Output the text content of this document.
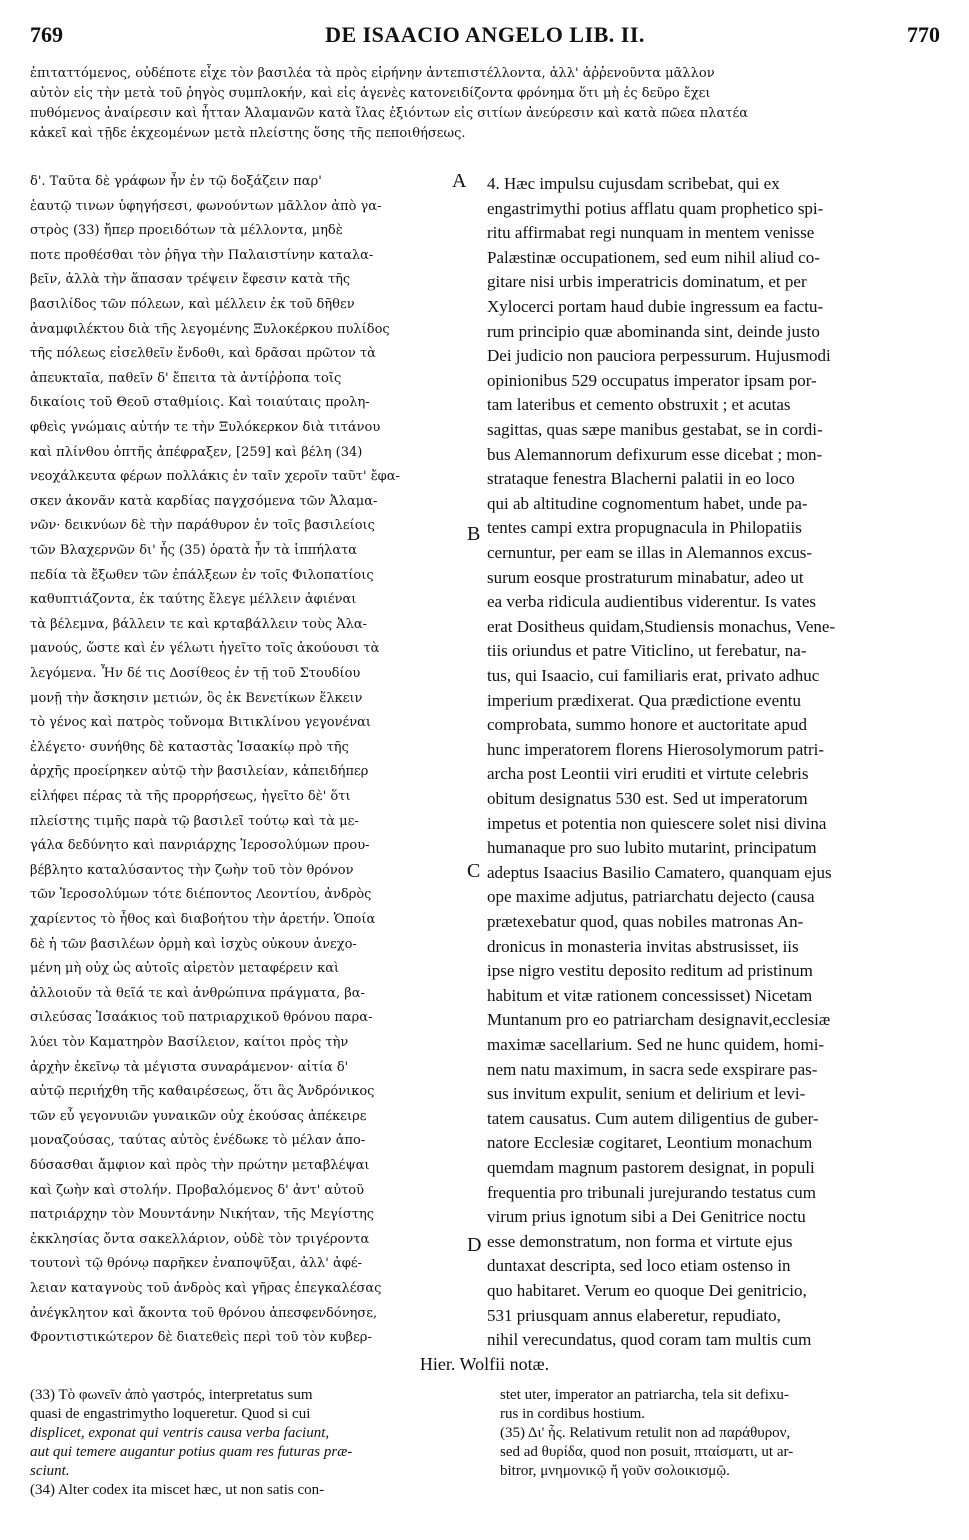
769	DE ISAACIO ANGELO LIB. II.	770
ἐπιταττόμενος, οὐδέποτε εἶχε τὸν βασιλέα τὰ πρὸς εἰρήνην ἀντεπιστέλλοντα, ἀλλ' ἀῤῥενοῦντα μᾶλλον
αὐτὸν εἰς τὴν μετὰ τοῦ ῥηγὸς συμπλοκήν, καὶ εἰς ἀγενὲς κατονειδίζοντα φρόνημα ὅτι μὴ ἐς δεῦρο ἔχει
πυθόμενος ἀναίρεσιν καὶ ἧτταν Ἀλαμανῶν κατὰ ἴλας ἐξιόντων εἰς σιτίων ἀνεύρεσιν καὶ κατὰ πῶεα πλατέα
κἀκεῖ καὶ τῇδε ἐκχεομένων μετὰ πλείστης ὅσης τῆς πεποιθήσεως.
δ'. Ταῦτα δὲ γράφων ἦν ἐν τῷ δοξάζειν παρ'
ἑαυτῷ τινων ὑφηγήσεσι, φωνούντων μᾶλλον ἀπὸ γα-
στρὸς (33) ἤπερ προειδότων τὰ μέλλοντα, μηδὲ
ποτε προθέσθαι τὸν ῥῆγα τὴν Παλαιστίνην καταλα-
βεῖν, ἀλλὰ τὴν ἅπασαν τρέψειν ἔφεσιν κατὰ τῆς
βασιλίδος τῶν πόλεων, καὶ μέλλειν ἐκ τοῦ δῆθεν
ἀναμφιλέκτου διὰ τῆς λεγομένης Ξυλοκέρκου πυλίδος
τῆς πόλεως εἰσελθεῖν ἔνδοθι, καὶ δρᾶσαι πρῶτον τὰ
ἀπευκταῖα, παθεῖν δ' ἔπειτα τὰ ἀντίῤῥοπα τοῖς
δικαίοις τοῦ Θεοῦ σταθμίοις. Καὶ τοιαύταις προλη-
φθεὶς γνώμαις αὐτήν τε τὴν Ξυλόκερκον διὰ τιτάνου
καὶ πλίνθου ὀπτῆς ἀπέφραξεν, [259] καὶ βέλη (34)
νεοχάλκευτα φέρων πολλάκις ἐν ταῖν χεροῖν ταῦτ' ἔφα-
σκεν ἀκονᾶν κατὰ καρδίας παγχσόμενα τῶν Ἀλαμα-
νῶν· δεικνύων δὲ τὴν παράθυρον ἐν τοῖς βασιλείοις
τῶν Βλαχερνῶν δι' ἧς (35) ὁρατὰ ἦν τὰ ἱππήλατα
πεδία τὰ ἔξωθεν τῶν ἐπάλξεων ἐν τοῖς Φιλοπατίοις
καθυπτιάζοντα, ἐκ ταύτης ἔλεγε μέλλειν ἀφιέναι
τὰ βέλεμνα, βάλλειν τε καὶ κρταβάλλειν τοὺς Ἀλα-
μανούς, ὥστε καὶ ἐν γέλωτι ἡγεῖτο τοῖς ἀκούουσι τὰ
λεγόμενα. Ἦν δέ τις Δοσίθεος ἐν τῇ τοῦ Στουδίου
μονῇ τὴν ἄσκησιν μετιών, ὃς ἐκ Βενετίκων ἕλκειν
τὸ γένος καὶ πατρὸς τοὔνομα Βιτικλίνου γεγονέναι
ἐλέγετο· συνήθης δὲ καταστὰς Ἰσαακίῳ πρὸ τῆς
ἀρχῆς προείρηκεν αὐτῷ τὴν βασιλείαν, κἀπειδήπερ
εἰλήφει πέρας τὰ τῆς προρρήσεως, ἡγεῖτο δὲ' ὅτι
πλείστης τιμῆς παρὰ τῷ βασιλεῖ τούτῳ καὶ τὰ με-
γάλα δεδύνητο καὶ πανριάρχης Ἱεροσολύμων πρου-
βέβλητο καταλύσαντος τὴν ζωὴν τοῦ τὸν θρόνον
τῶν Ἱεροσολύμων τότε διέποντος Λεοντίου, ἀνδρὸς
χαρίεντος τὸ ἦθος καὶ διαβοήτου τὴν ἀρετήν. Ὁποία
δὲ ἡ τῶν βασιλέων ὁρμὴ καὶ ἰσχὺς οὐκουν ἀνεχο-
μένη μὴ οὐχ ὡς αὐτοῖς αἱρετὸν μεταφέρειν καὶ
ἀλλοιοῦν τὰ θεῖά τε καὶ ἀνθρώπινα πράγματα, βα-
σιλεύσας Ἰσαάκιος τοῦ πατριαρχικοῦ θρόνου παρα-
λύει τὸν Καματηρὸν Βασίλειον, καίτοι πρὸς τὴν
ἀρχὴν ἐκεῖνῳ τὰ μέγιστα συναράμενον· αἰτία δ'
αὐτῷ περιήχθη τῆς καθαιρέσεως, ὅτι ἃς Ἀνδρόνικος
τῶν εὖ γεγονυιῶν γυναικῶν οὐχ ἑκούσας ἀπέκειρε
μοναζούσας, ταύτας αὐτὸς ἐνέδωκε τὸ μέλαν ἀπο-
δύσασθαι ἄμφιον καὶ πρὸς τὴν πρώτην μεταβλέψαι
καὶ ζωὴν καὶ στολήν. Προβαλόμενος δ' ἀντ' αὐτοῦ
πατριάρχην τὸν Μουντάνην Νικήταν, τῆς Μεγίστης
ἐκκλησίας ὄντα σακελλάριον, οὐδὲ τὸν τριγέροντα
τουτονὶ τῷ θρόνῳ παρῆκεν ἐναποψῦξαι, ἀλλ' ἀφέ-
λειαν καταγνοὺς τοῦ ἀνδρὸς καὶ γῆρας ἐπεγκαλέσας
ἀνέγκλητον καὶ ἄκοντα τοῦ θρόνου ἀπεσφενδόνησε,
Φροντιστικώτερον δὲ διατεθεὶς περὶ τοῦ τὸν κυβερ-
4. Hæc impulsu cujusdam scribebat, qui ex
engastrimythi potius afflatu quam prophetico spi-
ritu affirmabat regi nunquam in mentem venisse
Palæstinæ occupationem, sed eum nihil aliud co-
gitare nisi urbis imperatricis dominatum, et per
Xylocerci portam haud dubie ingressum ea factu-
rum principio quæ abominanda sint, deinde justo
Dei judicio non pauciora perpessurum. Hujusmodi
opinionibus 529 occupatus imperator ipsam por-
tam lateribus et cemento obstruxit ; et acutas
sagittas, quas sæpe manibus gestabat, se in cordi-
bus Alemannorum defixurum esse dicebat ; mon-
strataque fenestra Blacherni palatii in eo loco
qui ab altitudine cognomentum habet, unde pa-
tentes campi extra propugnacula in Philopatiis
cernuntur, per eam se illas in Alemannos excus-
surum eosque prostraturum minabatur, adeo ut
ea verba ridicula audientibus viderentur. Is vates
erat Dositheus quidam,Studiensis monachus, Vene-
tiis oriundus et patre Viticlino, ut ferebatur, na-
tus, qui Isaacio, cui familiaris erat, privato adhuc
imperium prædixerat. Qua prædictione eventu
comprobata, summo honore et auctoritate apud
hunc imperatorem florens Hierosolymorum patri-
archa post Leontii viri eruditi et virtute celebris
obitum designatus 530 est. Sed ut imperatorum
impetus et potentia non quiescere solet nisi divina
humanaque pro suo lubito mutarint, principatum
adeptus Isaacius Basilio Camatero, quanquam ejus
ope maxime adjutus, patriarchatu dejecto (causa
prætexebatur quod, quas nobiles matronas An-
dronicus in monasteria invitas abstrusisset, iis
ipse nigro vestitu deposito reditum ad pristinum
habitum et vitæ rationem concessisset) Nicetam
Muntanum pro eo patriarcham designavit,ecclesiæ
maximæ sacellarium. Sed ne hunc quidem, homi-
nem natu maximum, in sacra sede exspirare pas-
sus invitum expulit, senium et delirium et levi-
tatem causatus. Cum autem diligentius de guber-
natore Ecclesiæ cogitaret, Leontium monachum
quemdam magnum pastorem designat, in populi
frequentia pro tribunali jurejurando testatus cum
virum prius ignotum sibi a Dei Genitrice noctu
esse demonstratum, non forma et virtute ejus
duntaxat descripta, sed loco etiam ostenso in
quo habitaret. Verum eo quoque Dei genitricio,
531 priusquam annus elaberetur, repudiato,
nihil verecundatus, quod coram tam multis cum
A
B
C
D
Hier. Wolfii notæ.
(33) Τὸ φωνεῖν ἀπὸ γαστρός, interpretatus sum
quasi de engastrimytho loqueretur. Quod si cui
displicet, exponat qui ventris causa verba faciunt,
aut qui temere augantur potius quam res futuras præ-
sciunt.
(34) Alter codex ita miscet hæc, ut non satis con-
stet uter, imperator an patriarcha, tela sit defixu-
rus in cordibus hostium.
(35) Δι' ἧς. Relativum retulit non ad παράθυρον,
sed ad θυρίδα, quod non posuit, πταίσματι, ut ar-
bitror, μνημονικῷ ἤ γοῦν σολοικισμῷ.
